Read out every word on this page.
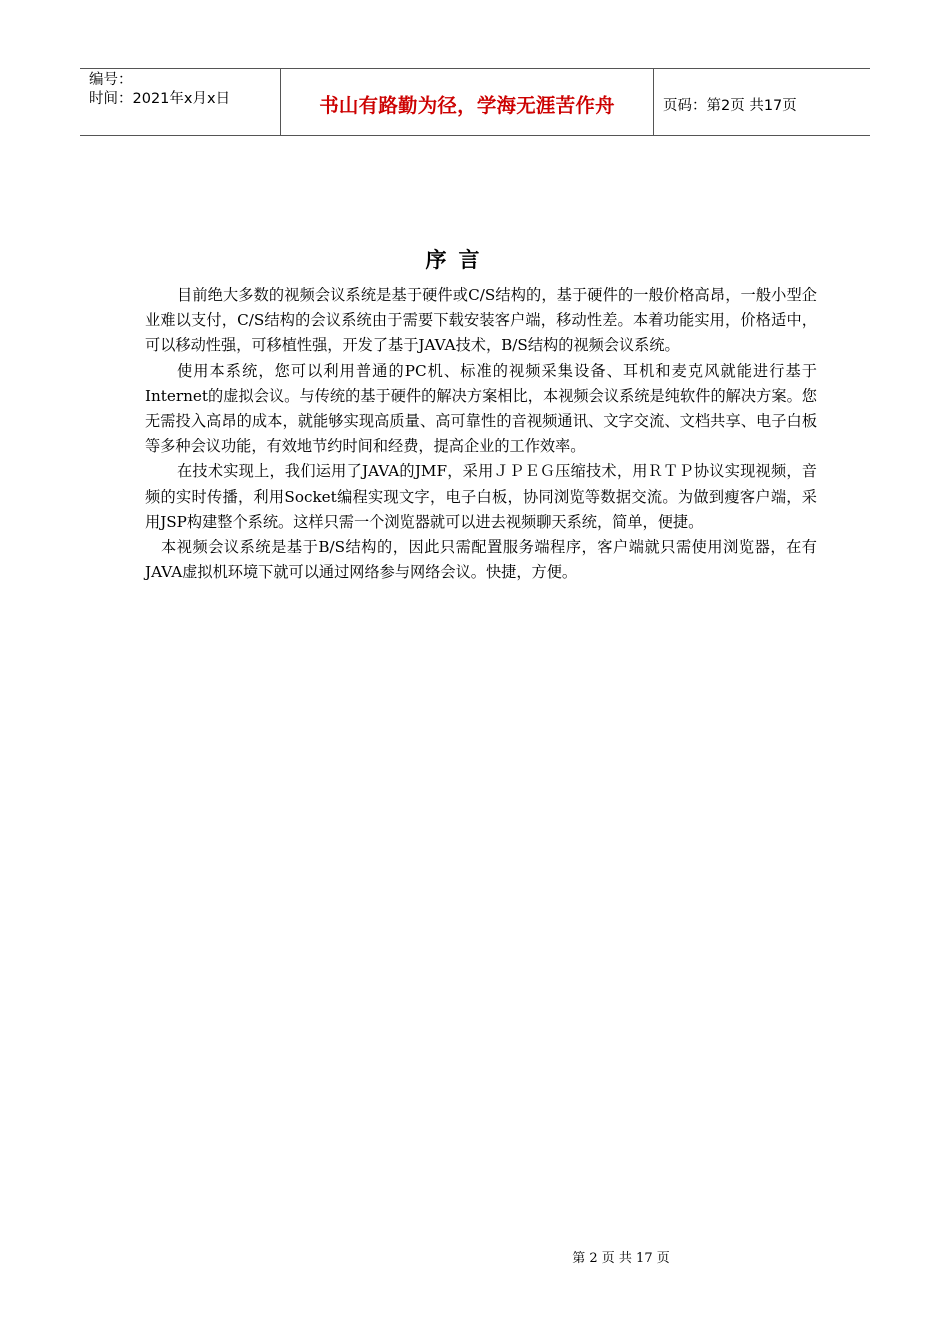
编号：
时间：2021年x月x日	书山有路勤为径，学海无涯苦作舟	页码：第2页 共17页
序言

目前绝大多数的视频会议系统是基于硬件或C/S结构的，基于硬件的一般价格高昂，一般小型企业难以支付，C/S结构的会议系统由于需要下载安装客户端，移动性差。本着功能实用，价格适中，可以移动性强，可移植性强，开发了基于JAVA技术，B/S结构的视频会议系统。

使用本系统，您可以利用普通的PC机、标准的视频采集设备、耳机和麦克风就能进行基于Internet的虚拟会议。与传统的基于硬件的解决方案相比，本视频会议系统是纯软件的解决方案。您无需投入高昂的成本，就能够实现高质量、高可靠性的音视频通讯、文字交流、文档共享、电子白板等多种会议功能，有效地节约时间和经费，提高企业的工作效率。

在技术实现上，我们运用了JAVA的JMF，采用ＪＰＥＧ压缩技术，用ＲＴＰ协议实现视频，音频的实时传播，利用Socket编程实现文字，电子白板，协同浏览等数据交流。为做到瘦客户端，采用JSP构建整个系统。这样只需一个浏览器就可以进去视频聊天系统，简单，便捷。

本视频会议系统是基于B/S结构的，因此只需配置服务端程序，客户端就只需使用浏览器，在有JAVA虚拟机环境下就可以通过网络参与网络会议。快捷，方便。

第 2 页 共 17 页
